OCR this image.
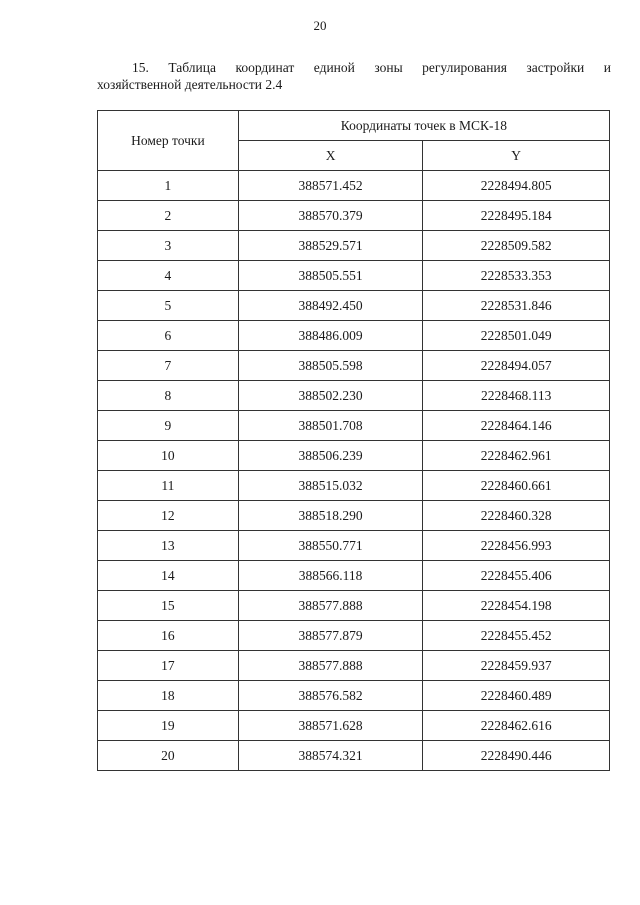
20
15. Таблица координат единой зоны регулирования застройки и
хозяйственной деятельности 2.4
Номер точки	Координаты точек в МСК-18	
	X	Y
1	388571.452	2228494.805
2	388570.379	2228495.184
3	388529.571	2228509.582
4	388505.551	2228533.353
5	388492.450	2228531.846
6	388486.009	2228501.049
7	388505.598	2228494.057
8	388502.230	2228468.113
9	388501.708	2228464.146
10	388506.239	2228462.961
11	388515.032	2228460.661
12	388518.290	2228460.328
13	388550.771	2228456.993
14	388566.118	2228455.406
15	388577.888	2228454.198
16	388577.879	2228455.452
17	388577.888	2228459.937
18	388576.582	2228460.489
19	388571.628	2228462.616
20	388574.321	2228490.446
